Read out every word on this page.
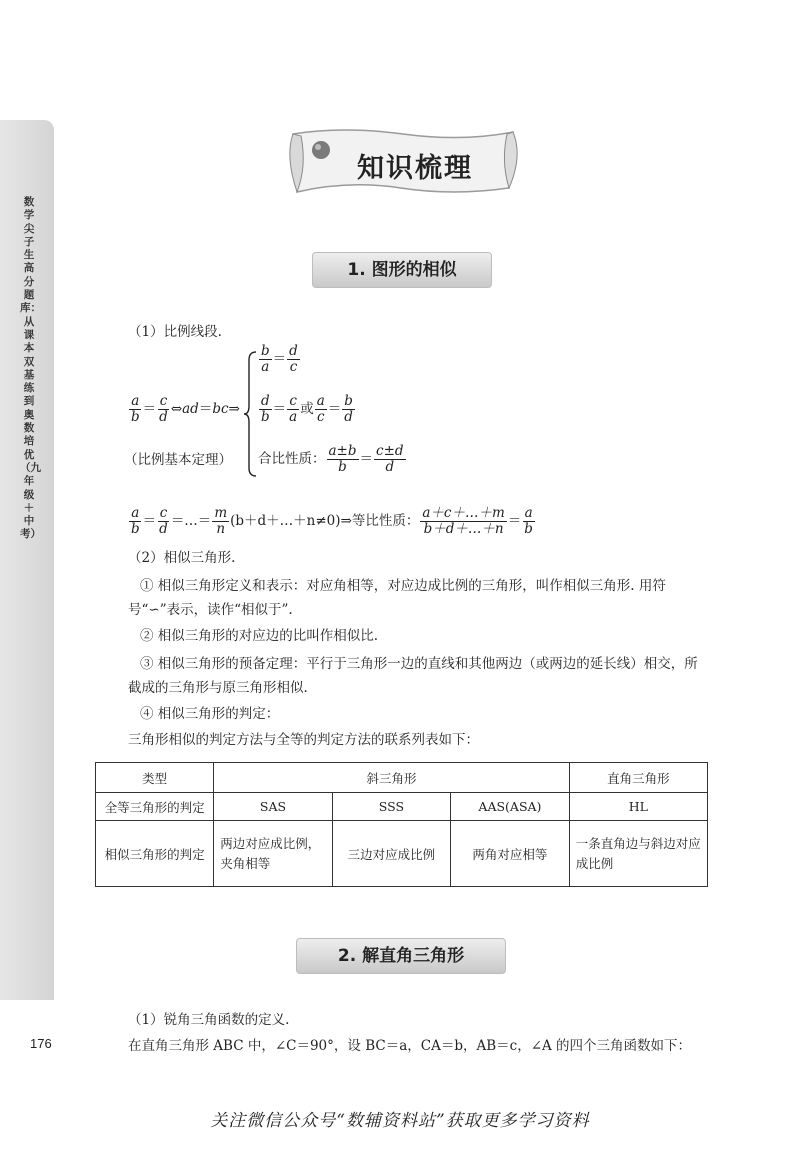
数学尖子生高分题库：从课本双基练到奥数培优（九年级＋中考）
176
知识梳理
1. 图形的相似
（1）比例线段.
$\frac{a}{b} = \frac{c}{d}$ ⇔ad＝bc⇒
（比例基本定理）
$\frac{b}{a} = \frac{d}{c}$
$\frac{d}{b} = \frac{c}{a}$ 或 $\frac{a}{c} = \frac{b}{d}$
合比性质： $\frac{a\pm b}{b} = \frac{c\pm d}{d}$
$\frac{a}{b} = \frac{c}{d}$ ＝…＝ $\frac{m}{n}$ (b＋d＋…＋n≠0)⇒等比性质： $\frac{a+c+\dots+m}{b+d+\dots+n} = \frac{a}{b}$
（2）相似三角形.
① 相似三角形定义和表示：对应角相等，对应边成比例的三角形，叫作相似三角形. 用符号“∽”表示，读作“相似于”.
② 相似三角形的对应边的比叫作相似比.
③ 相似三角形的预备定理：平行于三角形一边的直线和其他两边（或两边的延长线）相交，所截成的三角形与原三角形相似.
④ 相似三角形的判定：
三角形相似的判定方法与全等的判定方法的联系列表如下：
类型	斜三角形			直角三角形
全等三角形的判定	SAS	SSS	AAS(ASA)	HL
相似三角形的判定	两边对应成比例，夹角相等	三边对应成比例	两角对应相等	一条直角边与斜边对应成比例
2. 解直角三角形
（1）锐角三角函数的定义.
在直角三角形 ABC 中，∠C＝90°，设 BC＝a，CA＝b，AB＝c，∠A 的四个三角函数如下：
关注微信公众号“数辅资料站”获取更多学习资料
